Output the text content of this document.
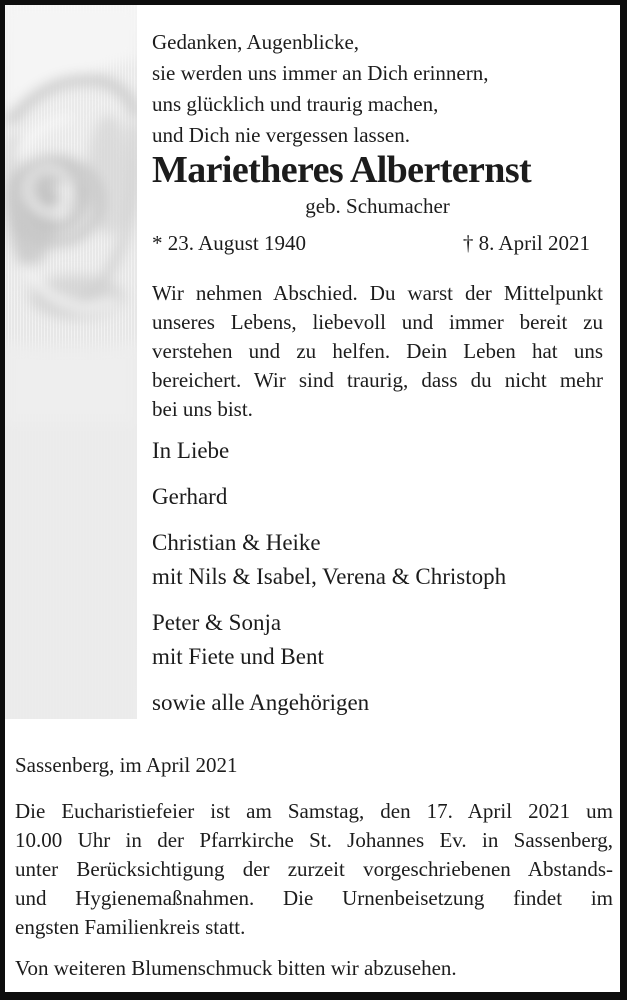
Gedanken, Augenblicke,
sie werden uns immer an Dich erinnern,
uns glücklich und traurig machen,
und Dich nie vergessen lassen.
Marietheres Alberternst
geb. Schumacher
* 23. August 1940	† 8. April 2021
Wir nehmen Abschied. Du warst der Mittelpunkt
unseres Lebens, liebevoll und immer bereit zu
verstehen und zu helfen. Dein Leben hat uns
bereichert. Wir sind traurig, dass du nicht mehr
bei uns bist.
In Liebe
Gerhard
Christian & Heike
mit Nils & Isabel, Verena & Christoph
Peter & Sonja
mit Fiete und Bent
sowie alle Angehörigen
Sassenberg, im April 2021
Die Eucharistiefeier ist am Samstag, den 17. April 2021 um
10.00 Uhr in der Pfarrkirche St. Johannes Ev. in Sassenberg,
unter Berücksichtigung der zurzeit vorgeschriebenen Abstands-
und Hygienemaßnahmen. Die Urnenbeisetzung findet im
engsten Familienkreis statt.
Von weiteren Blumenschmuck bitten wir abzusehen.
